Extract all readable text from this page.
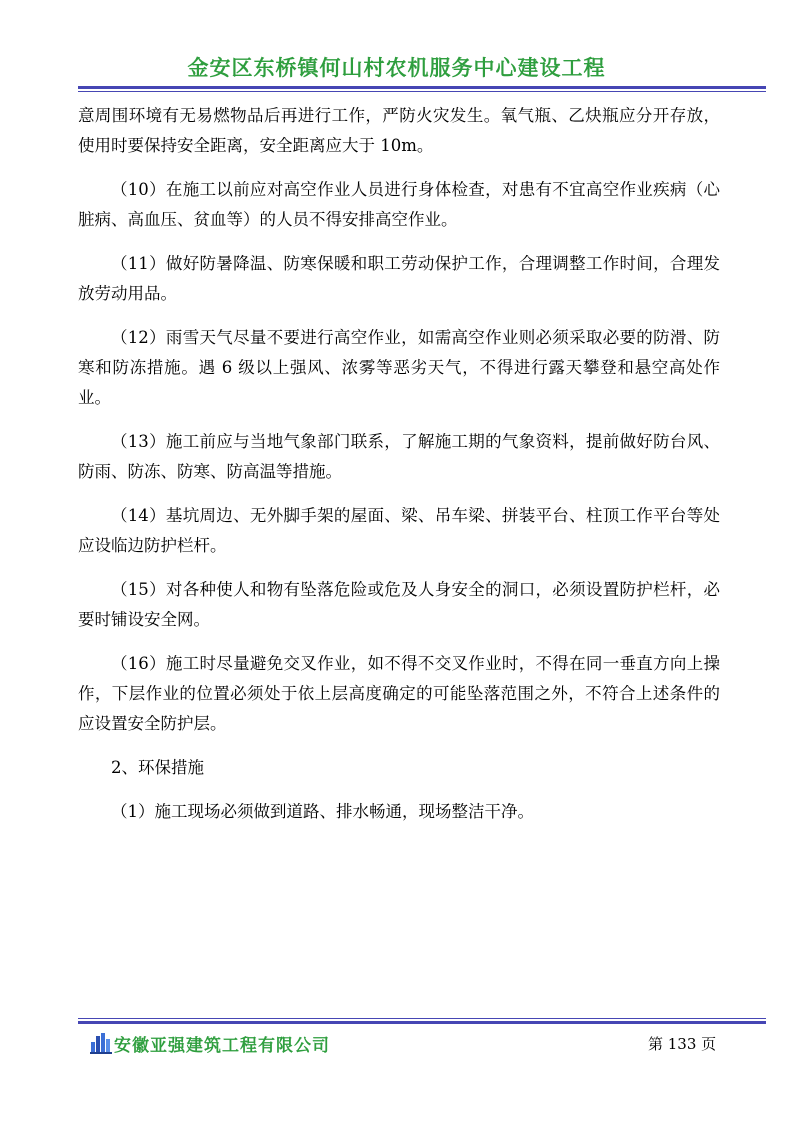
金安区东桥镇何山村农机服务中心建设工程

意周围环境有无易燃物品后再进行工作，严防火灾发生。氧气瓶、乙炔瓶应分开存放，使用时要保持安全距离，安全距离应大于 10m。

（10）在施工以前应对高空作业人员进行身体检查，对患有不宜高空作业疾病（心脏病、高血压、贫血等）的人员不得安排高空作业。

（11）做好防暑降温、防寒保暖和职工劳动保护工作，合理调整工作时间，合理发放劳动用品。

（12）雨雪天气尽量不要进行高空作业，如需高空作业则必须采取必要的防滑、防寒和防冻措施。遇 6 级以上强风、浓雾等恶劣天气，不得进行露天攀登和悬空高处作业。

（13）施工前应与当地气象部门联系，了解施工期的气象资料，提前做好防台风、防雨、防冻、防寒、防高温等措施。

（14）基坑周边、无外脚手架的屋面、梁、吊车梁、拼装平台、柱顶工作平台等处应设临边防护栏杆。

（15）对各种使人和物有坠落危险或危及人身安全的洞口，必须设置防护栏杆，必要时铺设安全网。

（16）施工时尽量避免交叉作业，如不得不交叉作业时，不得在同一垂直方向上操作，下层作业的位置必须处于依上层高度确定的可能坠落范围之外，不符合上述条件的应设置安全防护层。

2、环保措施

（1）施工现场必须做到道路、排水畅通，现场整洁干净。

安徽亚强建筑工程有限公司	第 133 页
